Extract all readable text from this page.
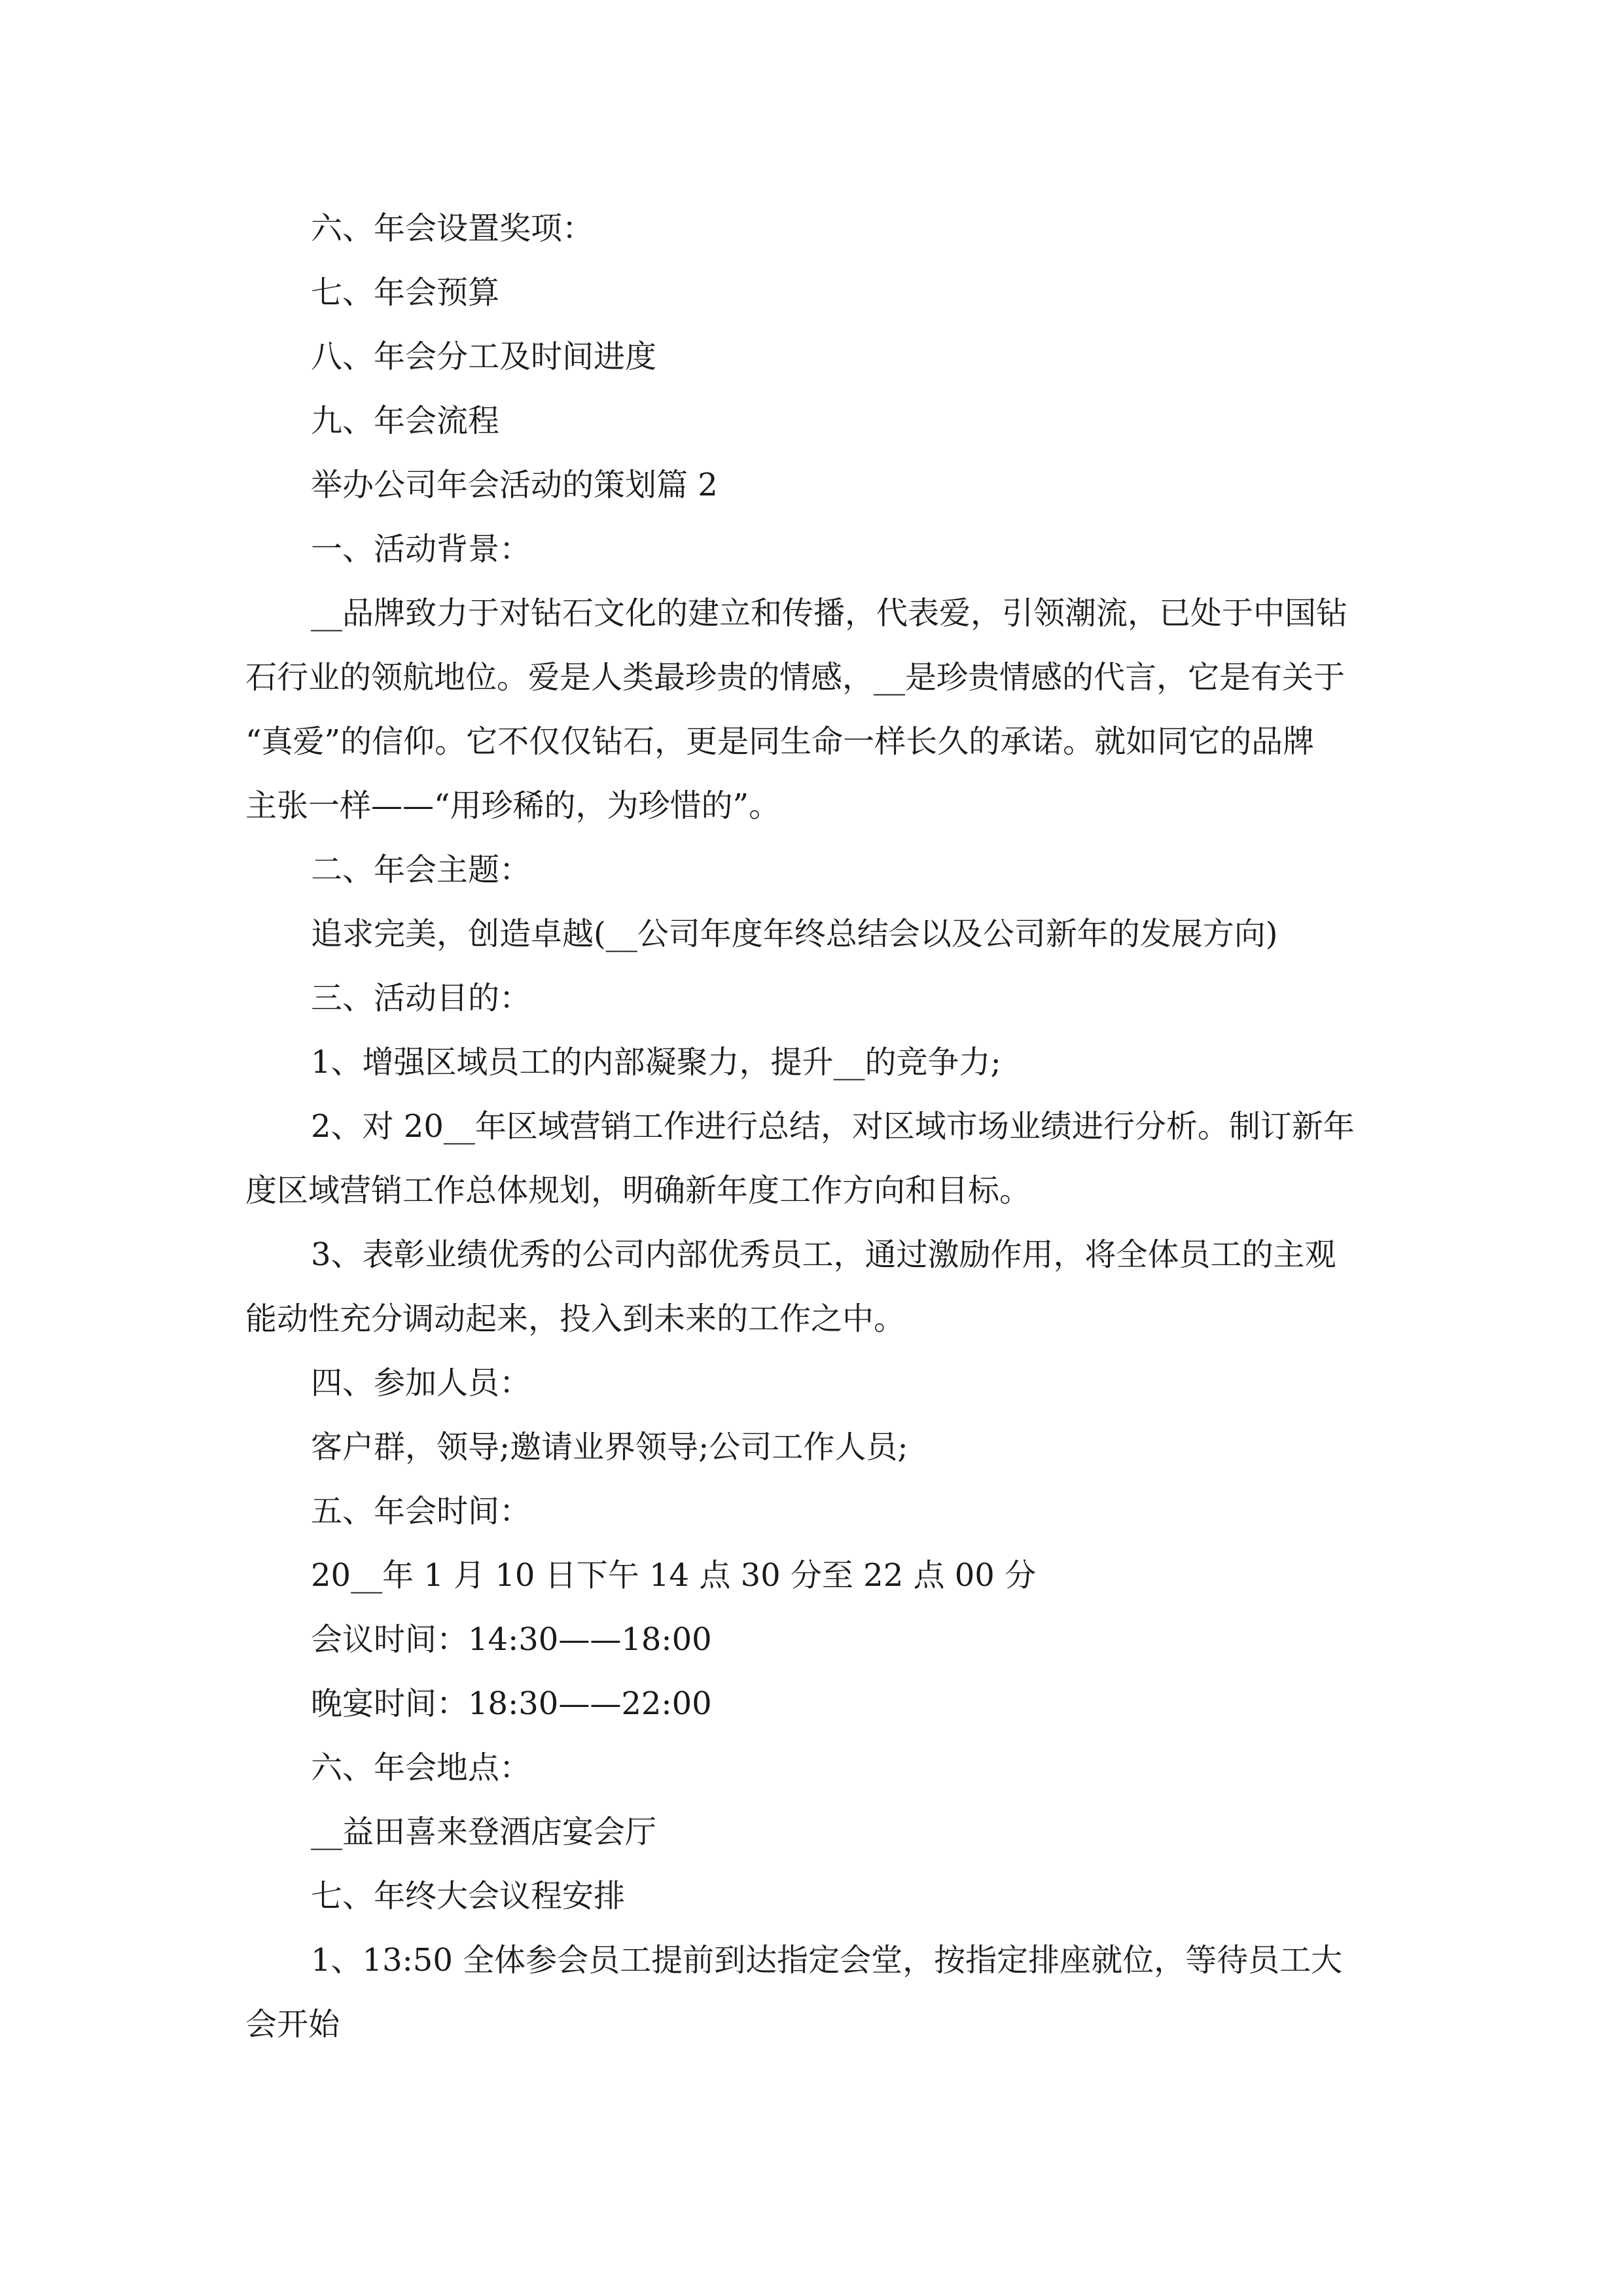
六、年会设置奖项：
七、年会预算
八、年会分工及时间进度
九、年会流程
举办公司年会活动的策划篇 2
一、活动背景：
__品牌致力于对钻石文化的建立和传播，代表爱，引领潮流，已处于中国钻
石行业的领航地位。爱是人类最珍贵的情感，__是珍贵情感的代言，它是有关于
“真爱”的信仰。它不仅仅钻石，更是同生命一样长久的承诺。就如同它的品牌
主张一样——“用珍稀的，为珍惜的”。
二、年会主题：
追求完美，创造卓越(__公司年度年终总结会以及公司新年的发展方向)
三、活动目的：
1、增强区域员工的内部凝聚力，提升__的竞争力;
2、对 20__年区域营销工作进行总结，对区域市场业绩进行分析。制订新年
度区域营销工作总体规划，明确新年度工作方向和目标。
3、表彰业绩优秀的公司内部优秀员工，通过激励作用，将全体员工的主观
能动性充分调动起来，投入到未来的工作之中。
四、参加人员：
客户群，领导;邀请业界领导;公司工作人员;
五、年会时间：
20__年 1 月 10 日下午 14 点 30 分至 22 点 00 分
会议时间：14:30——18:00
晚宴时间：18:30——22:00
六、年会地点：
__益田喜来登酒店宴会厅
七、年终大会议程安排
1、13:50 全体参会员工提前到达指定会堂，按指定排座就位，等待员工大
会开始
